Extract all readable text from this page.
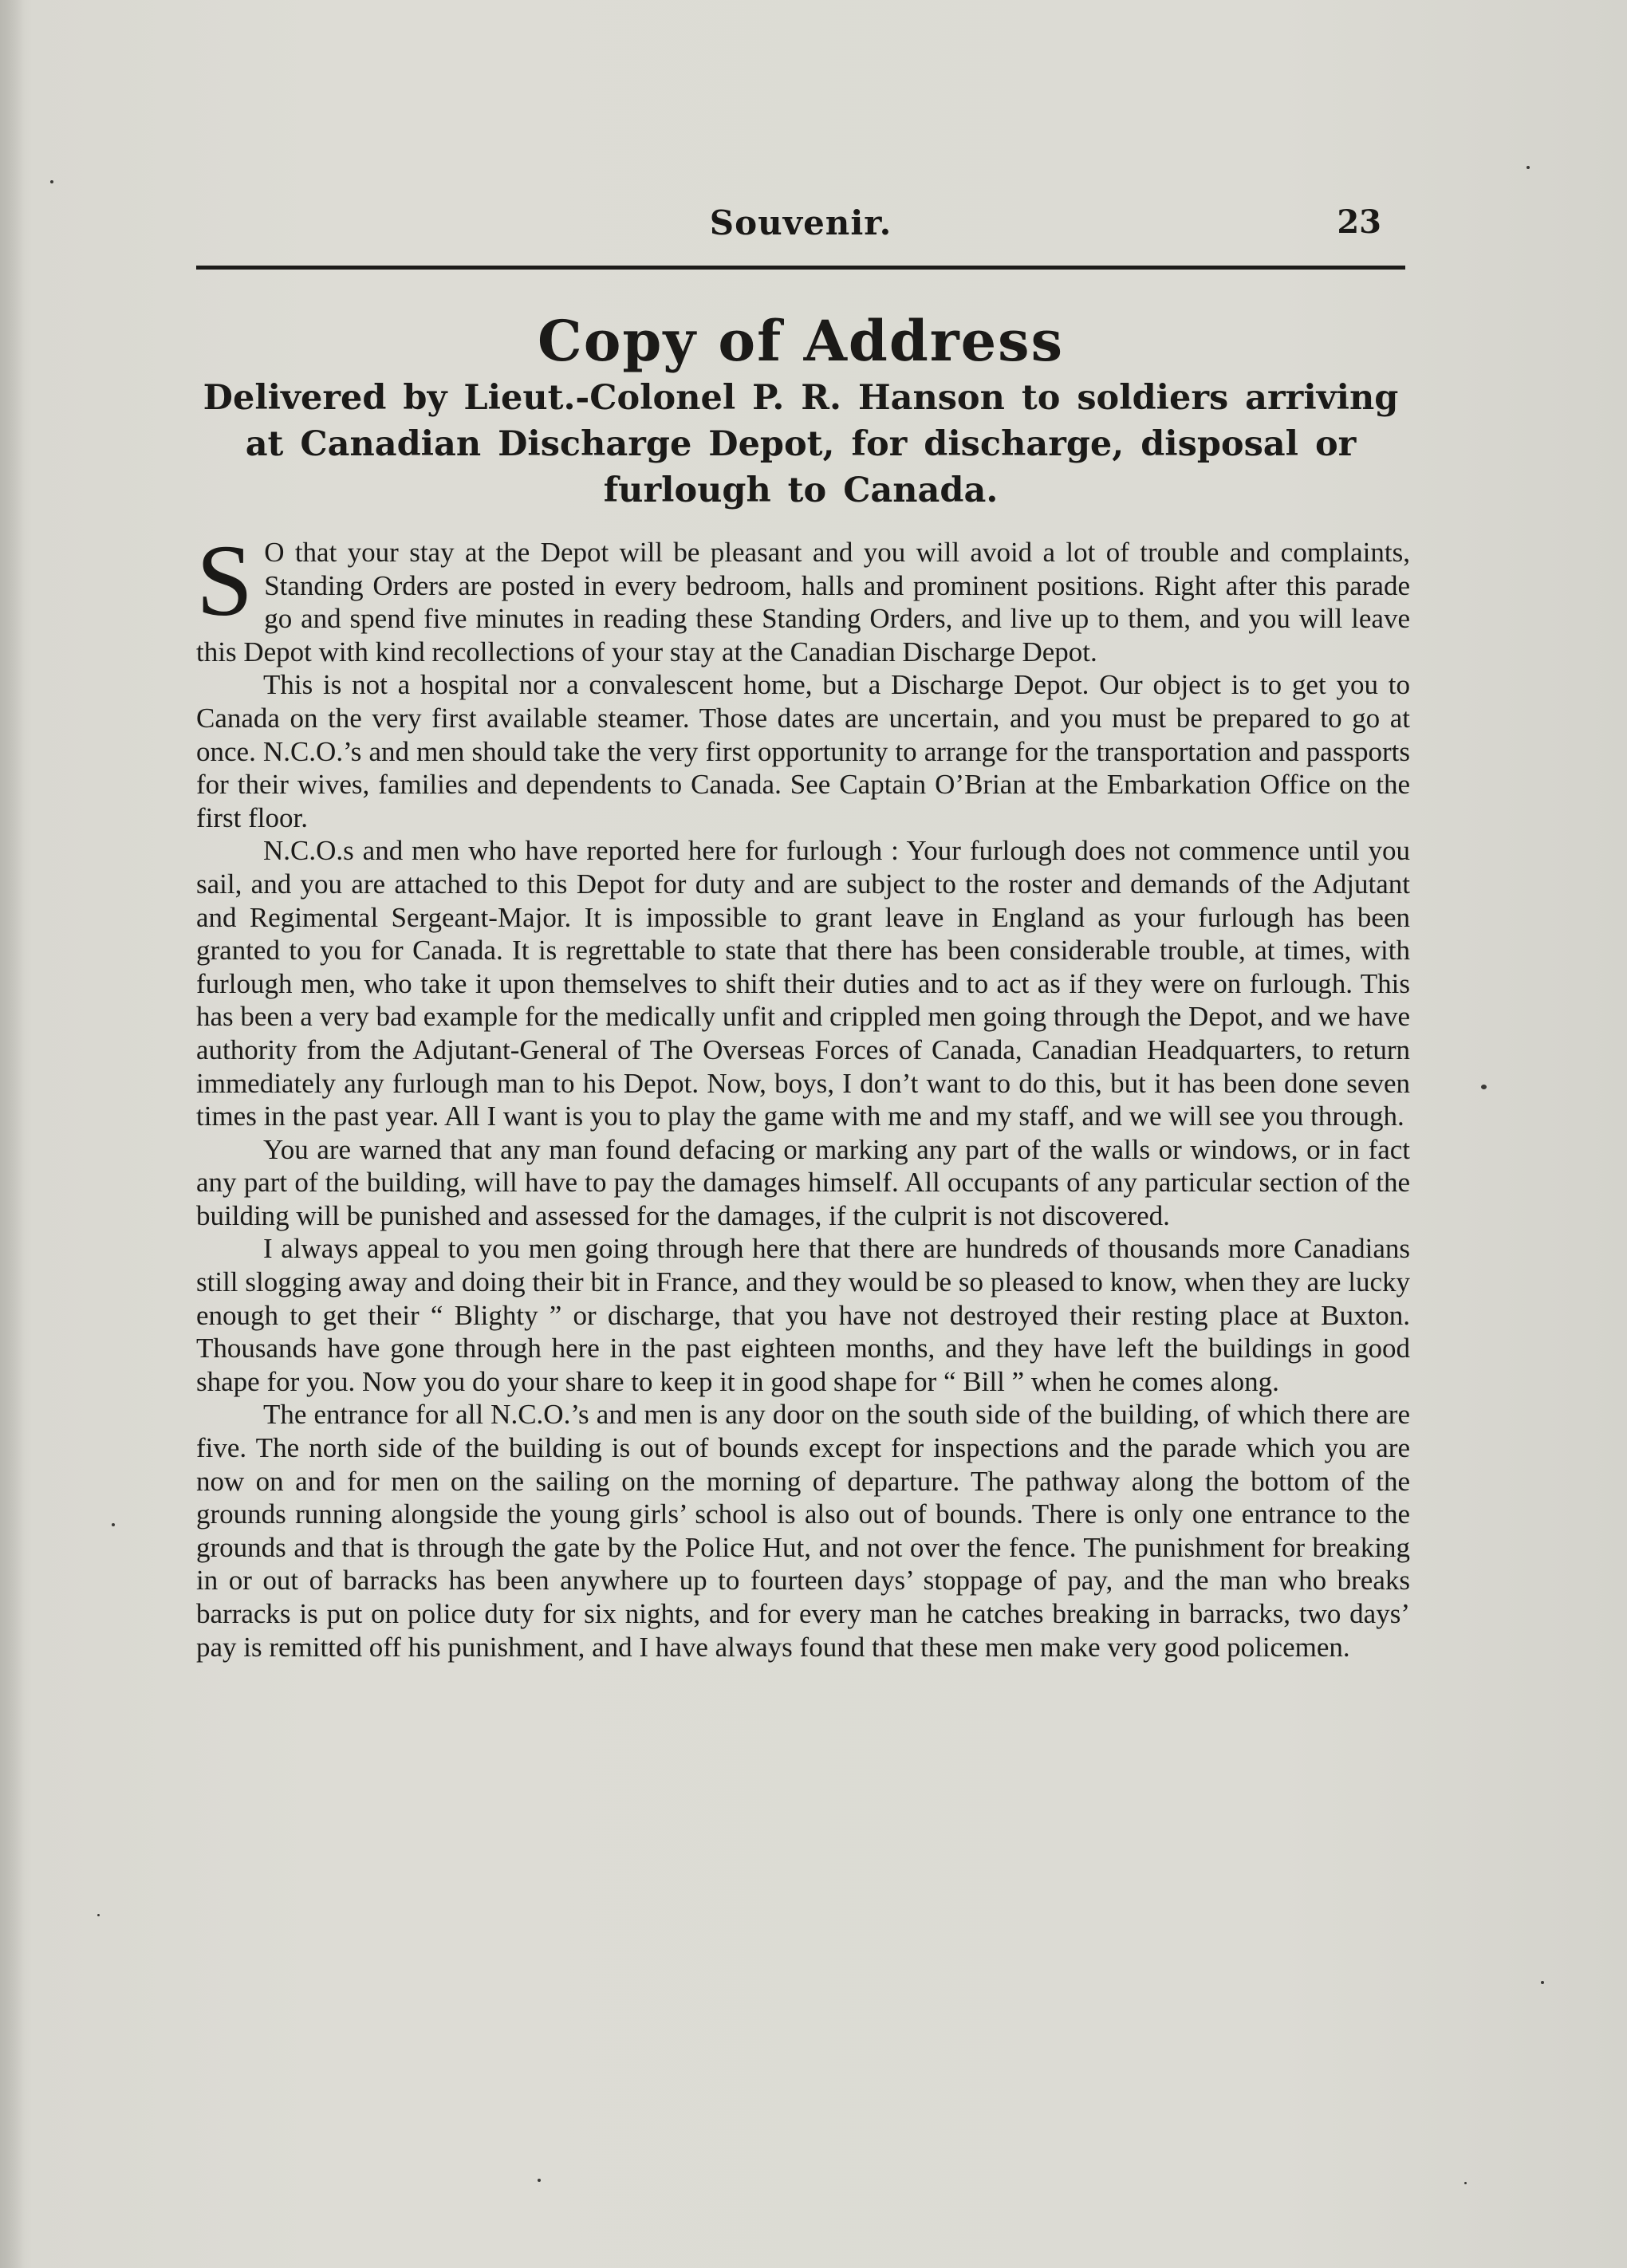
Souvenir.	23
Copy of Address
Delivered by Lieut.-Colonel P. R. Hanson to soldiers arriving at Canadian Discharge Depot, for discharge, disposal or furlough to Canada.

S O that your stay at the Depot will be pleasant and you will avoid a lot of trouble and complaints, Standing Orders are posted in every bedroom, halls and prominent positions. Right after this parade go and spend five minutes in reading these Standing Orders, and live up to them, and you will leave this Depot with kind recollections of your stay at the Canadian Discharge Depot.

This is not a hospital nor a convalescent home, but a Discharge Depot. Our object is to get you to Canada on the very first available steamer. Those dates are uncertain, and you must be prepared to go at once. N.C.O.’s and men should take the very first opportunity to arrange for the transportation and passports for their wives, families and dependents to Canada. See Captain O’Brian at the Embarkation Office on the first floor.

N.C.O.s and men who have reported here for furlough : Your furlough does not commence until you sail, and you are attached to this Depot for duty and are subject to the roster and demands of the Adjutant and Regimental Sergeant-Major. It is impossible to grant leave in England as your furlough has been granted to you for Canada. It is regrettable to state that there has been considerable trouble, at times, with furlough men, who take it upon themselves to shift their duties and to act as if they were on furlough. This has been a very bad example for the medically unfit and crippled men going through the Depot, and we have authority from the Adjutant-General of The Overseas Forces of Canada, Canadian Headquarters, to return immediately any furlough man to his Depot. Now, boys, I don’t want to do this, but it has been done seven times in the past year. All I want is you to play the game with me and my staff, and we will see you through.

You are warned that any man found defacing or marking any part of the walls or windows, or in fact any part of the building, will have to pay the damages himself. All occupants of any particular section of the building will be punished and assessed for the damages, if the culprit is not discovered.

I always appeal to you men going through here that there are hundreds of thousands more Canadians still slogging away and doing their bit in France, and they would be so pleased to know, when they are lucky enough to get their “ Blighty ” or discharge, that you have not destroyed their resting place at Buxton. Thousands have gone through here in the past eighteen months, and they have left the buildings in good shape for you. Now you do your share to keep it in good shape for “ Bill ” when he comes along.

The entrance for all N.C.O.’s and men is any door on the south side of the building, of which there are five. The north side of the building is out of bounds except for inspections and the parade which you are now on and for men on the sailing on the morning of departure. The pathway along the bottom of the grounds running alongside the young girls’ school is also out of bounds. There is only one entrance to the grounds and that is through the gate by the Police Hut, and not over the fence. The punishment for breaking in or out of barracks has been anywhere up to fourteen days’ stoppage of pay, and the man who breaks barracks is put on police duty for six nights, and for every man he catches breaking in barracks, two days’ pay is remitted off his punishment, and I have always found that these men make very good policemen.
